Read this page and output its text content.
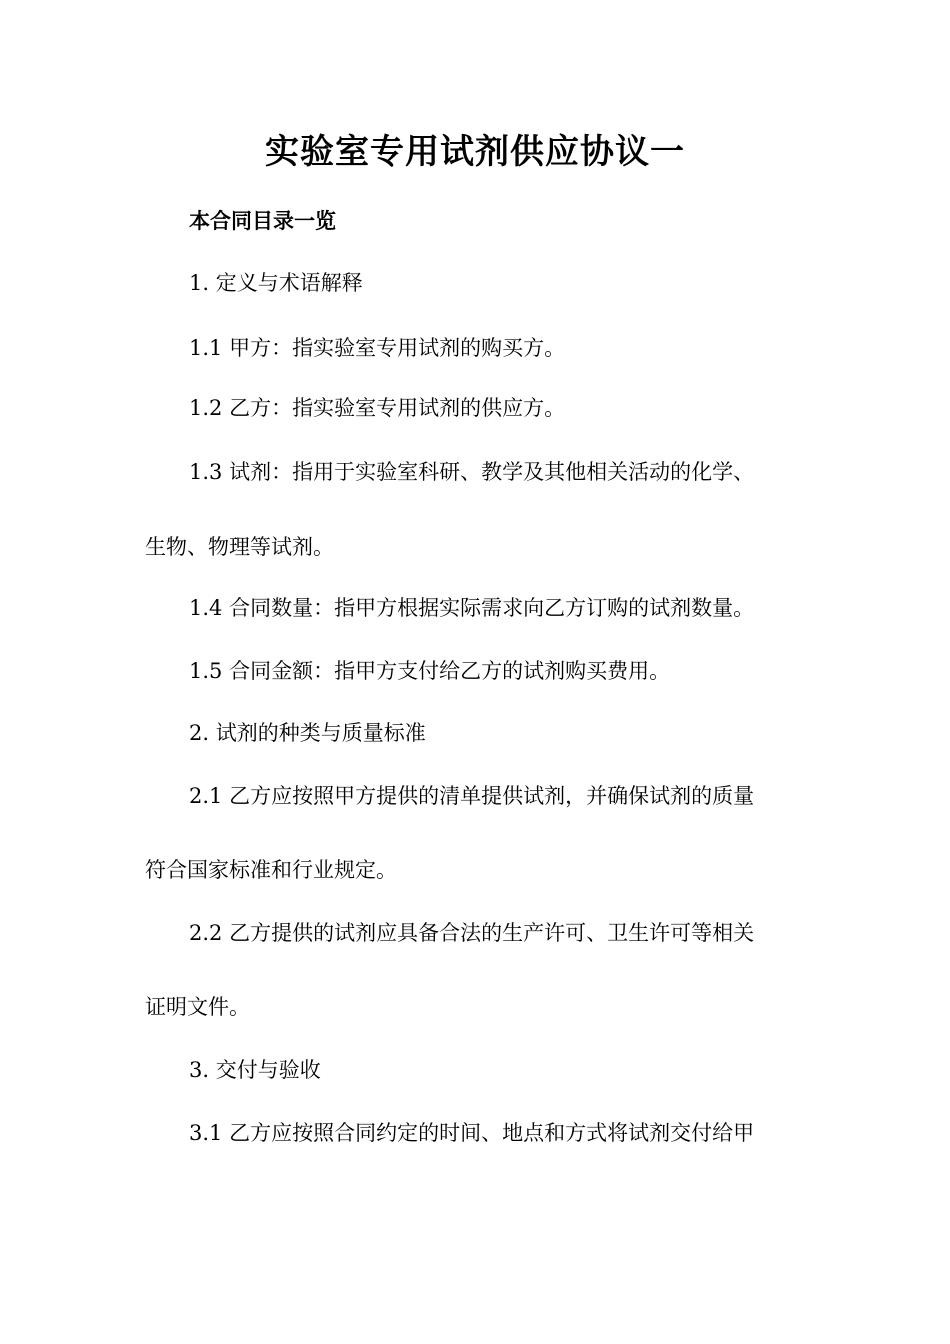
实验室专用试剂供应协议一
本合同目录一览
1. 定义与术语解释
1.1 甲方：指实验室专用试剂的购买方。
1.2 乙方：指实验室专用试剂的供应方。
1.3 试剂：指用于实验室科研、教学及其他相关活动的化学、
生物、物理等试剂。
1.4 合同数量：指甲方根据实际需求向乙方订购的试剂数量。
1.5 合同金额：指甲方支付给乙方的试剂购买费用。
2. 试剂的种类与质量标准
2.1 乙方应按照甲方提供的清单提供试剂，并确保试剂的质量
符合国家标准和行业规定。
2.2 乙方提供的试剂应具备合法的生产许可、卫生许可等相关
证明文件。
3. 交付与验收
3.1 乙方应按照合同约定的时间、地点和方式将试剂交付给甲
